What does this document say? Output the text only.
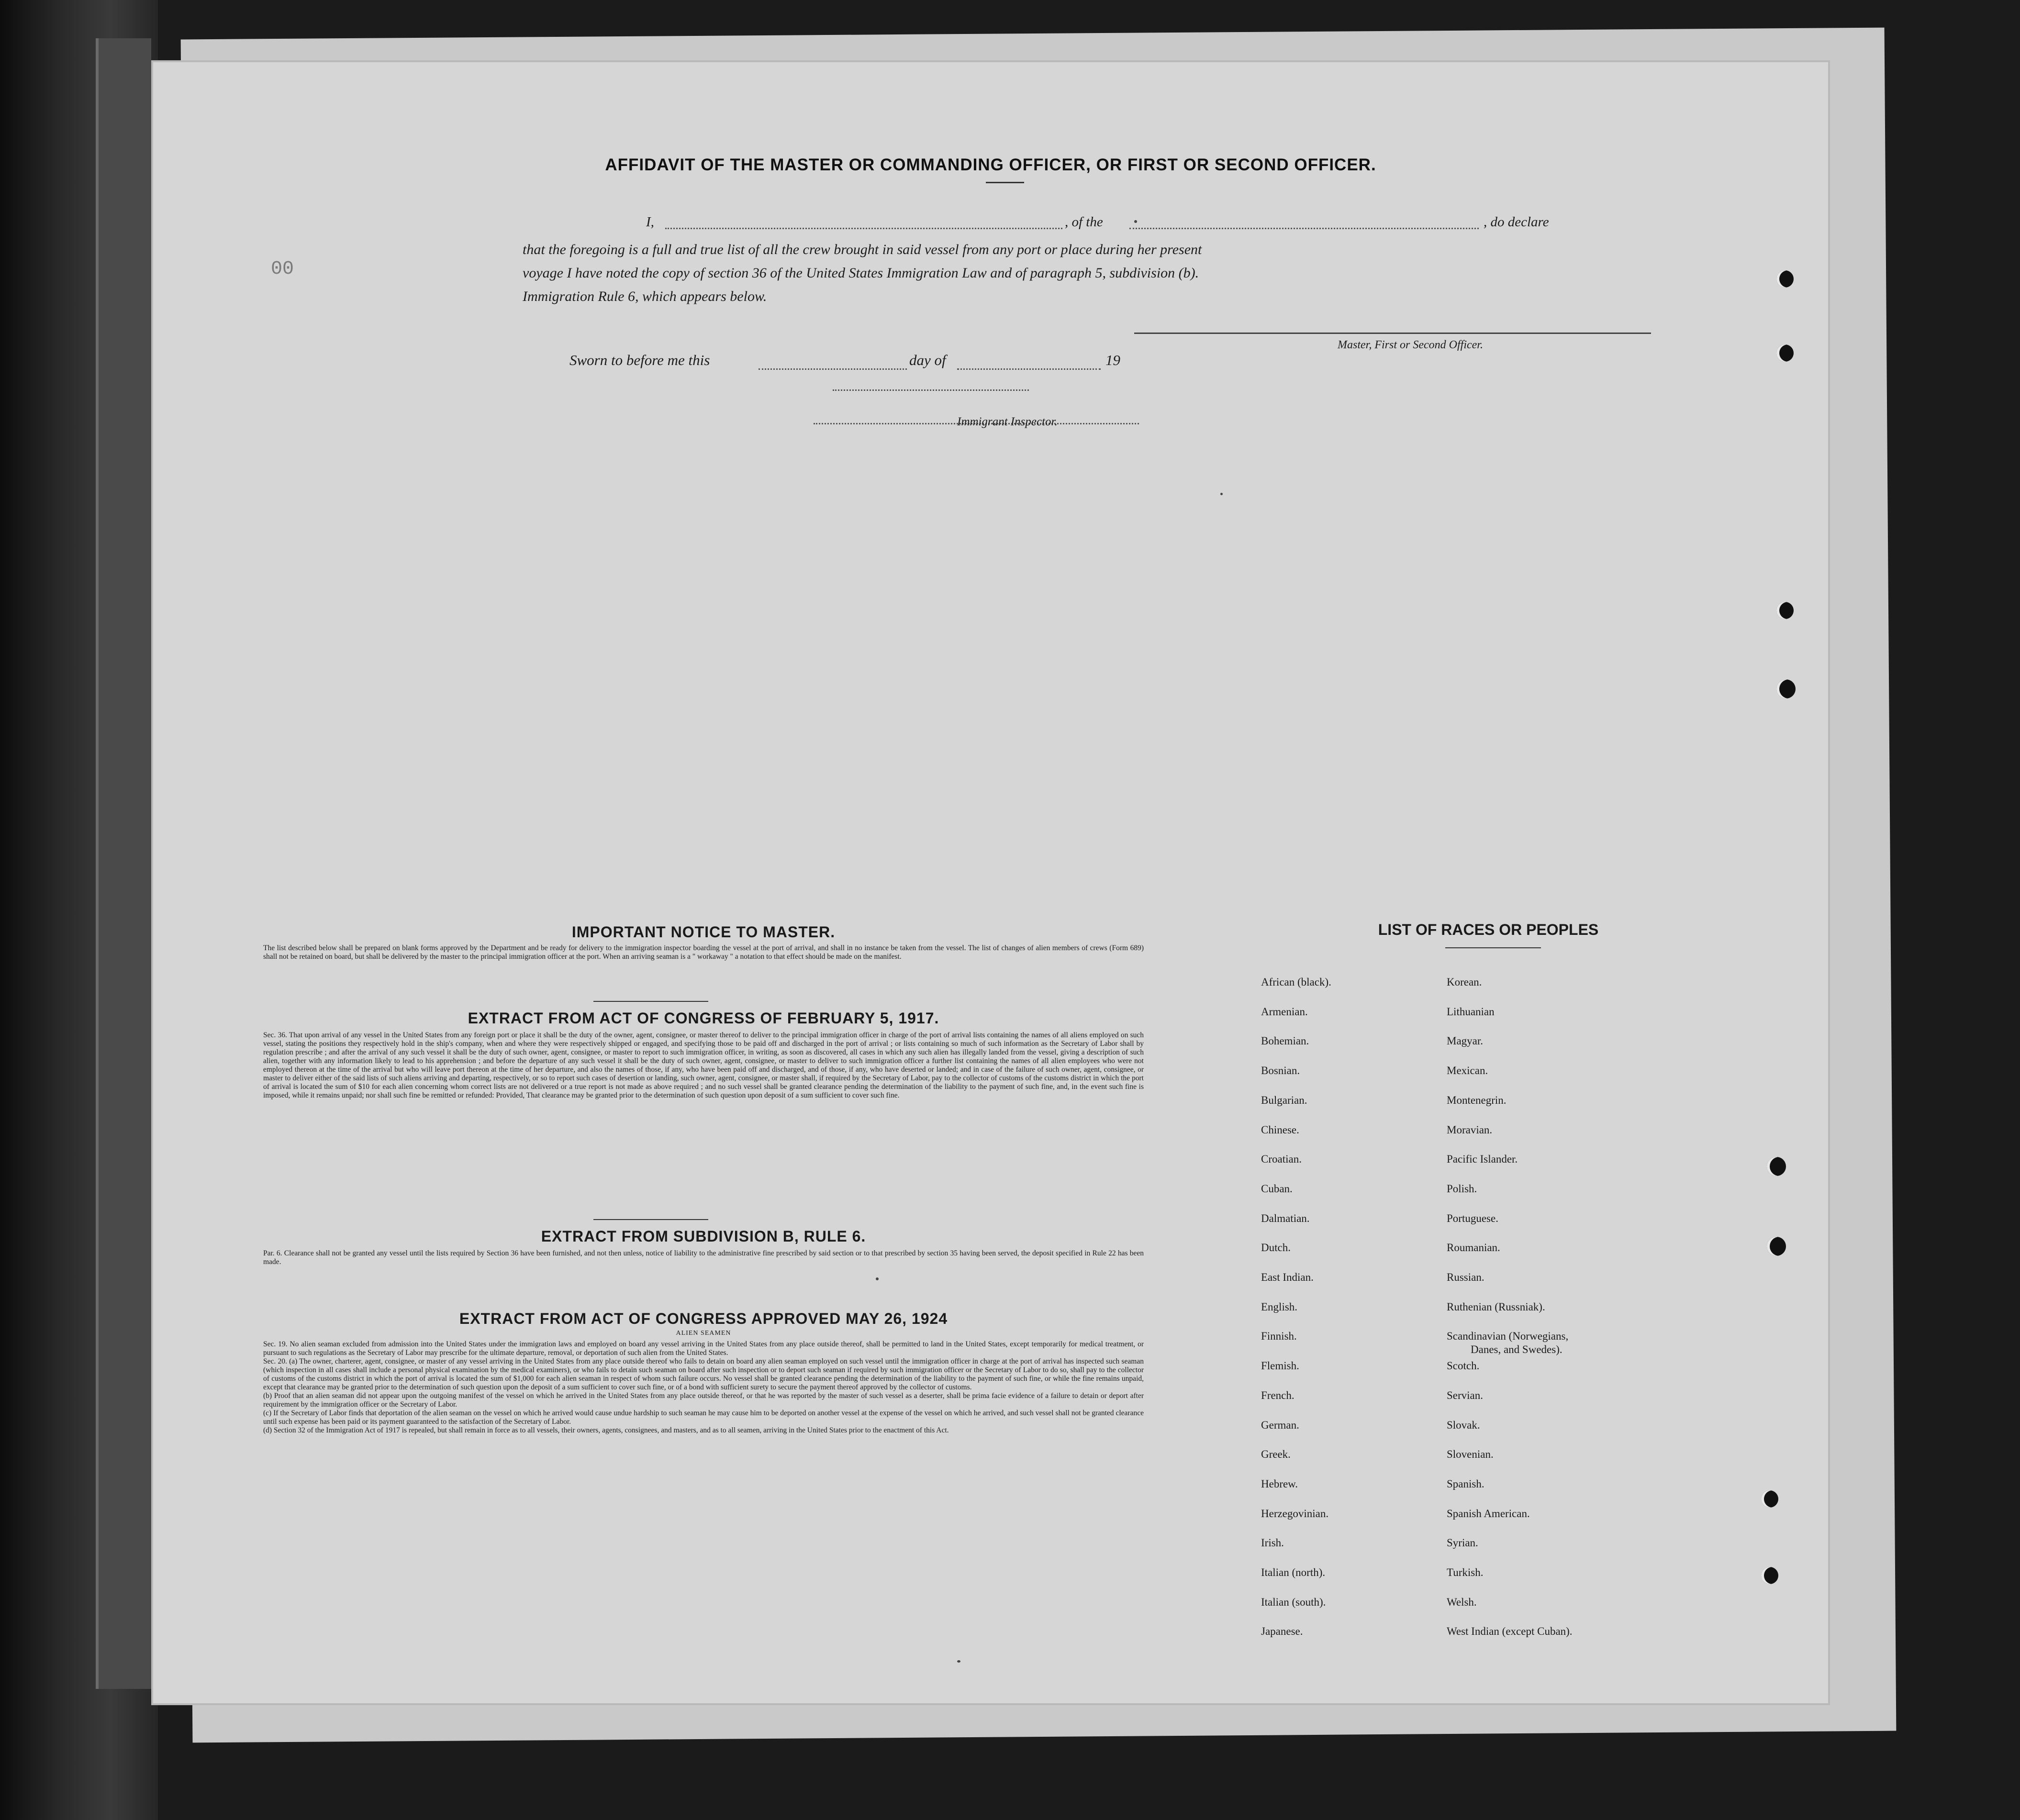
00
AFFIDAVIT OF THE MASTER OR COMMANDING OFFICER, OR FIRST OR SECOND OFFICER.
I,	, of the	, do declare

that the foregoing is a full and true list of all the crew brought in said vessel from any port or place during her present

voyage I have noted the copy of section 36 of the United States Immigration Law and of paragraph 5, subdivision (b).

Immigration Rule 6, which appears below.

Master, First or Second Officer.
Sworn to before me this	day of	19
Immigrant Inspector.
IMPORTANT NOTICE TO MASTER.
The list described below shall be prepared on blank forms approved by the Department and be ready for delivery to the immigration inspector boarding the vessel at the port of arrival, and shall in no instance be taken from the vessel. The list of changes of alien members of crews (Form 689) shall not be retained on board, but shall be delivered by the master to the principal immigration officer at the port. When an arriving seaman is a " workaway " a notation to that effect should be made on the manifest.
EXTRACT FROM ACT OF CONGRESS OF FEBRUARY 5, 1917.
Sec. 36. That upon arrival of any vessel in the United States from any foreign port or place it shall be the duty of the owner, agent, consignee, or master thereof to deliver to the principal immigration officer in charge of the port of arrival lists containing the names of all aliens employed on such vessel, stating the positions they respectively hold in the ship's company, when and where they were respectively shipped or engaged, and specifying those to be paid off and discharged in the port of arrival ; or lists containing so much of such information as the Secretary of Labor shall by regulation prescribe ; and after the arrival of any such vessel it shall be the duty of such owner, agent, consignee, or master to report to such immigration officer, in writing, as soon as discovered, all cases in which any such alien has illegally landed from the vessel, giving a description of such alien, together with any information likely to lead to his apprehension ; and before the departure of any such vessel it shall be the duty of such owner, agent, consignee, or master to deliver to such immigration officer a further list containing the names of all alien employees who were not employed thereon at the time of the arrival but who will leave port thereon at the time of her departure, and also the names of those, if any, who have been paid off and discharged, and of those, if any, who have deserted or landed; and in case of the failure of such owner, agent, consignee, or master to deliver either of the said lists of such aliens arriving and departing, respectively, or so to report such cases of desertion or landing, such owner, agent, consignee, or master shall, if required by the Secretary of Labor, pay to the collector of customs of the customs district in which the port of arrival is located the sum of $10 for each alien concerning whom correct lists are not delivered or a true report is not made as above required ; and no such vessel shall be granted clearance pending the determination of the liability to the payment of such fine, and, in the event such fine is imposed, while it remains unpaid; nor shall such fine be remitted or refunded: Provided, That clearance may be granted prior to the determination of such question upon deposit of a sum sufficient to cover such fine.
EXTRACT FROM SUBDIVISION B, RULE 6.
Par. 6. Clearance shall not be granted any vessel until the lists required by Section 36 have been furnished, and not then unless, notice of liability to the administrative fine prescribed by said section or to that prescribed by section 35 having been served, the deposit specified in Rule 22 has been made.
EXTRACT FROM ACT OF CONGRESS APPROVED MAY 26, 1924
ALIEN SEAMEN

Sec. 19. No alien seaman excluded from admission into the United States under the immigration laws and employed on board any vessel arriving in the United States from any place outside thereof, shall be permitted to land in the United States, except temporarily for medical treatment, or pursuant to such regulations as the Secretary of Labor may prescribe for the ultimate departure, removal, or deportation of such alien from the United States.

Sec. 20. (a) The owner, charterer, agent, consignee, or master of any vessel arriving in the United States from any place outside thereof who fails to detain on board any alien seaman employed on such vessel until the immigration officer in charge at the port of arrival has inspected such seaman (which inspection in all cases shall include a personal physical examination by the medical examiners), or who fails to detain such seaman on board after such inspection or to deport such seaman if required by such immigration officer or the Secretary of Labor to do so, shall pay to the collector of customs of the customs district in which the port of arrival is located the sum of $1,000 for each alien seaman in respect of whom such failure occurs. No vessel shall be granted clearance pending the determination of the liability to the payment of such fine, or while the fine remains unpaid, except that clearance may be granted prior to the determination of such question upon the deposit of a sum sufficient to cover such fine, or of a bond with sufficient surety to secure the payment thereof approved by the collector of customs.

(b) Proof that an alien seaman did not appear upon the outgoing manifest of the vessel on which he arrived in the United States from any place outside thereof, or that he was reported by the master of such vessel as a deserter, shall be prima facie evidence of a failure to detain or deport after requirement by the immigration officer or the Secretary of Labor.

(c) If the Secretary of Labor finds that deportation of the alien seaman on the vessel on which he arrived would cause undue hardship to such seaman he may cause him to be deported on another vessel at the expense of the vessel on which he arrived, and such vessel shall not be granted clearance until such expense has been paid or its payment guaranteed to the satisfaction of the Secretary of Labor.

(d) Section 32 of the Immigration Act of 1917 is repealed, but shall remain in force as to all vessels, their owners, agents, consignees, and masters, and as to all seamen, arriving in the United States prior to the enactment of this Act.

LIST OF RACES OR PEOPLES
African (black).
Armenian.
Bohemian.
Bosnian.
Bulgarian.
Chinese.
Croatian.
Cuban.
Dalmatian.
Dutch.
East Indian.
English.
Finnish.
Flemish.
French.
German.
Greek.
Hebrew.
Herzegovinian.
Irish.
Italian (north).
Italian (south).
Japanese.
Korean.
Lithuanian
Magyar.
Mexican.
Montenegrin.
Moravian.
Pacific Islander.
Polish.
Portuguese.
Roumanian.
Russian.
Ruthenian (Russniak).
Scandinavian (Norwegians,
Danes, and Swedes).
Scotch.
Servian.
Slovak.
Slovenian.
Spanish.
Spanish American.
Syrian.
Turkish.
Welsh.
West Indian (except Cuban).
